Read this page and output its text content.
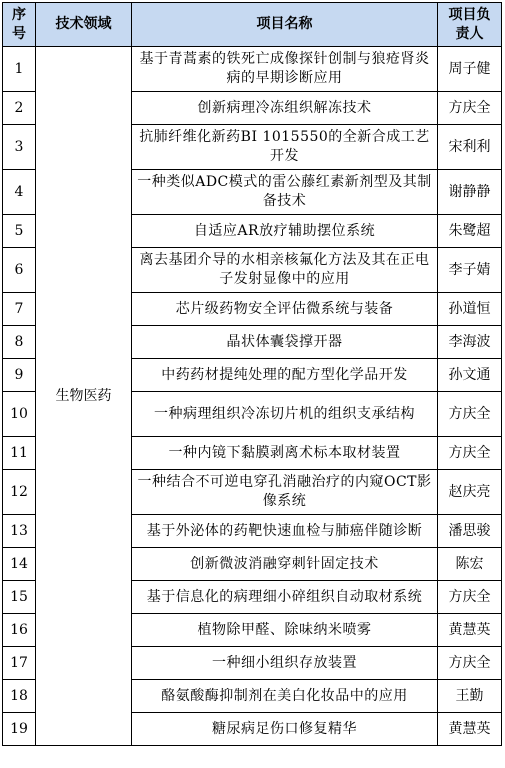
序号	技术领域	项目名称	项目负责人
1	生物医药	基于青蒿素的铁死亡成像探针创制与狼疮肾炎病的早期诊断应用	周子健
2		创新病理冷冻组织解冻技术	方庆全
3		抗肺纤维化新药BI 1015550的全新合成工艺开发	宋利利
4		一种类似ADC模式的雷公藤红素新剂型及其制备技术	谢静静
5		自适应AR放疗辅助摆位系统	朱鹭超
6		离去基团介导的水相亲核氟化方法及其在正电子发射显像中的应用	李子婧
7		芯片级药物安全评估微系统与装备	孙道恒
8		晶状体囊袋撑开器	李海波
9		中药药材提纯处理的配方型化学品开发	孙文通
10		一种病理组织冷冻切片机的组织支承结构	方庆全
11		一种内镜下黏膜剥离术标本取材装置	方庆全
12		一种结合不可逆电穿孔消融治疗的内窥OCT影像系统	赵庆亮
13		基于外泌体的药靶快速血检与肺癌伴随诊断	潘思骏
14		创新微波消融穿刺针固定技术	陈宏
15		基于信息化的病理细小碎组织自动取材系统	方庆全
16		植物除甲醛、除味纳米喷雾	黄慧英
17		一种细小组织存放装置	方庆全
18		酪氨酸酶抑制剂在美白化妆品中的应用	王勤
19		糖尿病足伤口修复精华	黄慧英
